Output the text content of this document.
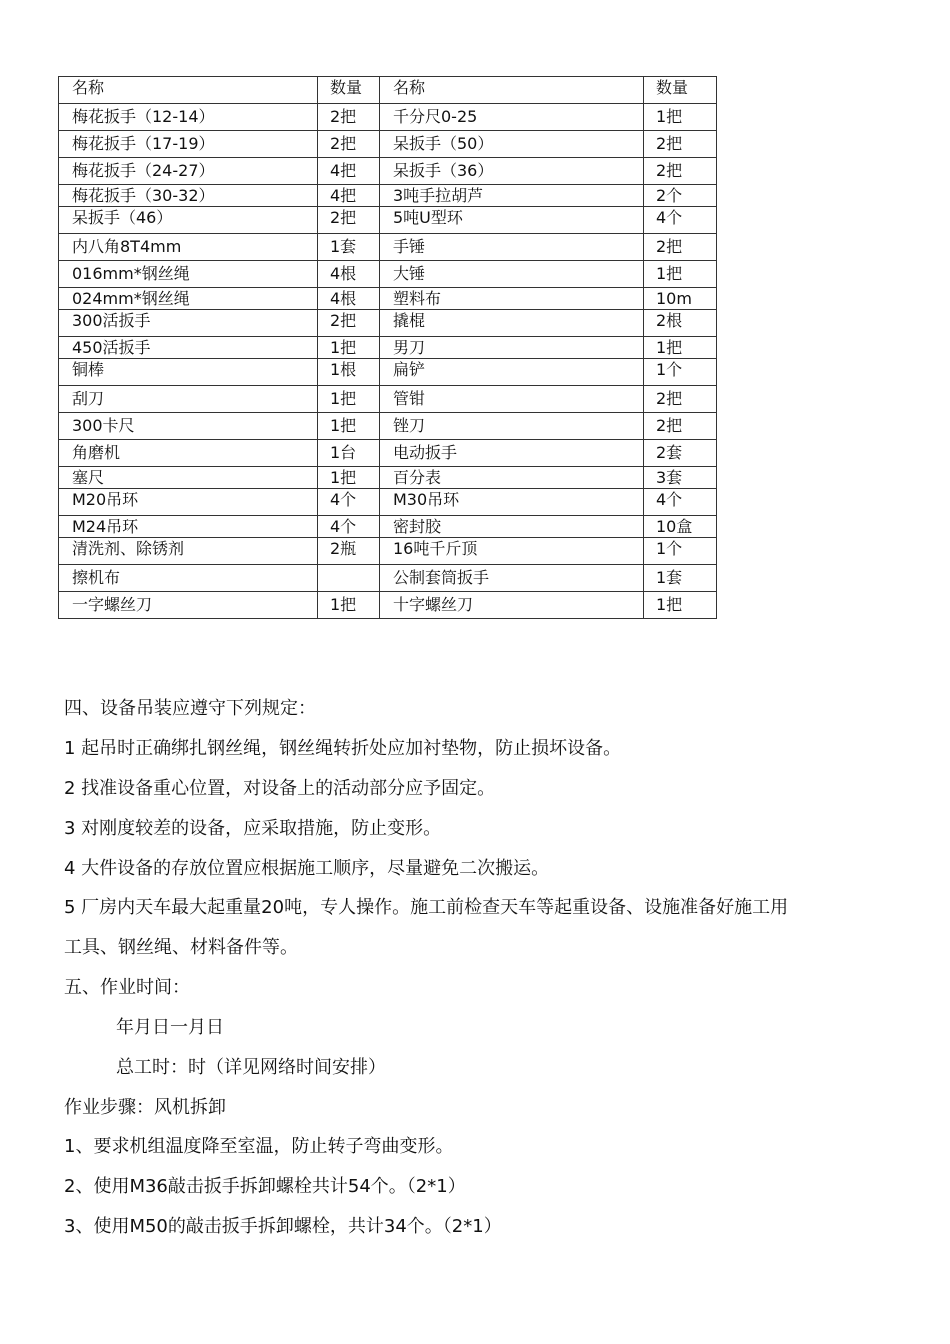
名称	数量	名称	数量
梅花扳手（12-14）	2把	千分尺0-25	1把
梅花扳手（17-19）	2把	呆扳手（50）	2把
梅花扳手（24-27）	4把	呆扳手（36）	2把
梅花扳手（30-32）	4把	3吨手拉胡芦	2个
呆扳手（46）	2把	5吨U型环	4个
内八角8T4mm	1套	手锤	2把
016mm*钢丝绳	4根	大锤	1把
024mm*钢丝绳	4根	塑料布	10m
300活扳手	2把	撬棍	2根
450活扳手	1把	男刀	1把
铜棒	1根	扁铲	1个
刮刀	1把	管钳	2把
300卡尺	1把	锉刀	2把
角磨机	1台	电动扳手	2套
塞尺	1把	百分表	3套
M20吊环	4个	M30吊环	4个
M24吊环	4个	密封胶	10盒
清洗剂、除锈剂	2瓶	16吨千斤顶	1个
擦机布		公制套筒扳手	1套
一字螺丝刀	1把	十字螺丝刀	1把
四、设备吊装应遵守下列规定：
1 起吊时正确绑扎钢丝绳，钢丝绳转折处应加衬垫物，防止损坏设备。
2 找准设备重心位置，对设备上的活动部分应予固定。
3 对刚度较差的设备，应采取措施，防止变形。
4 大件设备的存放位置应根据施工顺序，尽量避免二次搬运。
5 厂房内天车最大起重量20吨，专人操作。施工前检查天车等起重设备、设施准备好施工用
工具、钢丝绳、材料备件等。
五、作业时间：
年月日一月日
总工时：时（详见网络时间安排）
作业步骤：风机拆卸
1、要求机组温度降至室温，防止转子弯曲变形。
2、使用M36敲击扳手拆卸螺栓共计54个。（2*1）
3、使用M50的敲击扳手拆卸螺栓，共计34个。（2*1）
